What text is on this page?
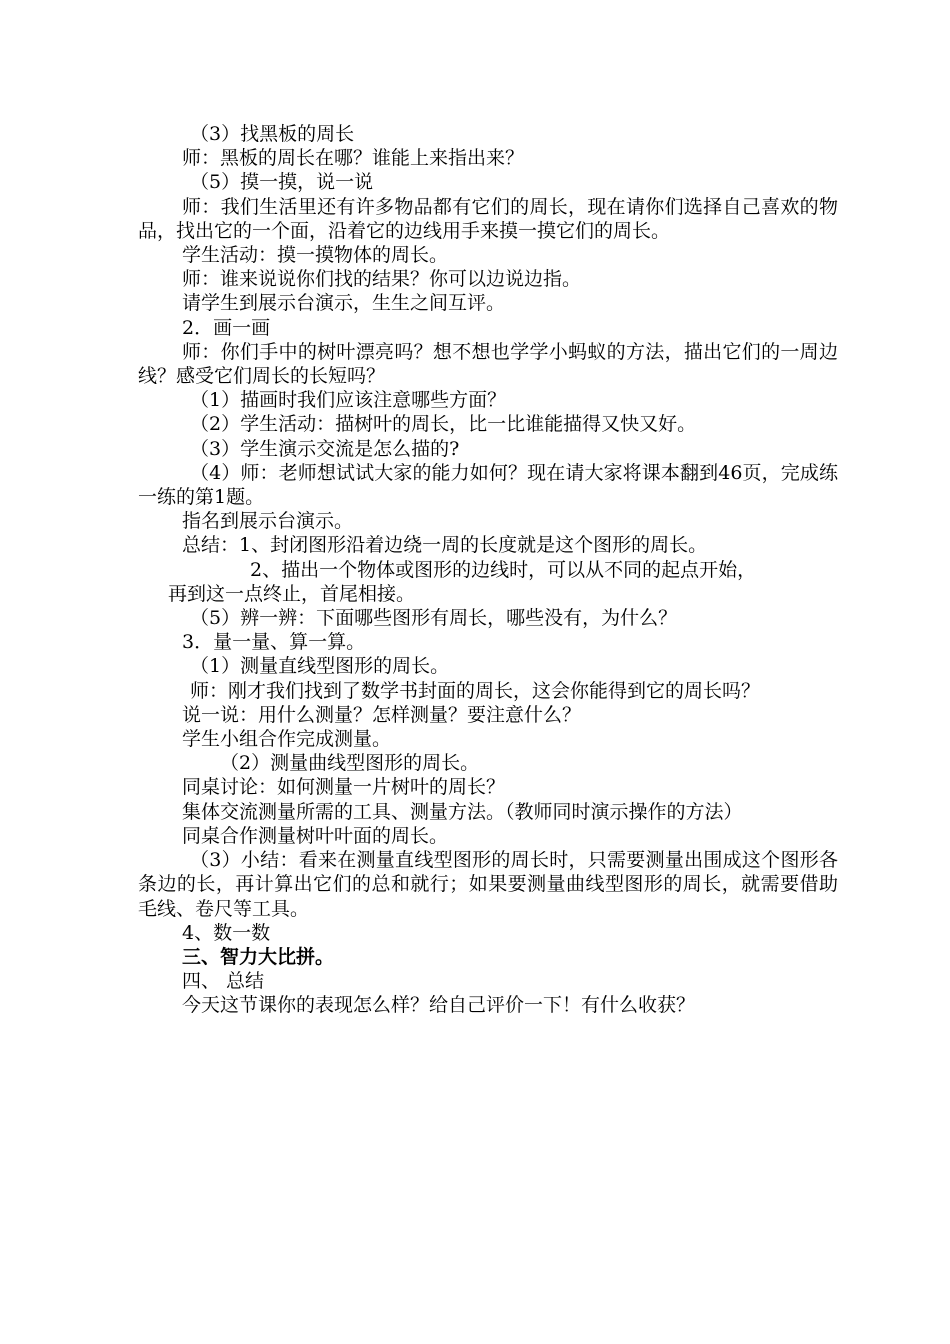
（3）找黑板的周长

师：黑板的周长在哪？谁能上来指出来？

（5）摸一摸，说一说

师：我们生活里还有许多物品都有它们的周长，现在请你们选择自己喜欢的物品，找出它的一个面，沿着它的边线用手来摸一摸它们的周长。

学生活动：摸一摸物体的周长。

师：谁来说说你们找的结果？你可以边说边指。

请学生到展示台演示，生生之间互评。

2．画一画

师：你们手中的树叶漂亮吗？想不想也学学小蚂蚁的方法，描出它们的一周边线？感受它们周长的长短吗？

（1）描画时我们应该注意哪些方面？

（2）学生活动：描树叶的周长，比一比谁能描得又快又好。

（3）学生演示交流是怎么描的?

（4）师：老师想试试大家的能力如何？现在请大家将课本翻到46页，完成练一练的第1题。

指名到展示台演示。

总结：1、封闭图形沿着边绕一周的长度就是这个图形的周长。

2、描出一个物体或图形的边线时，可以从不同的起点开始，

再到这一点终止，首尾相接。

（5）辨一辨：下面哪些图形有周长，哪些没有，为什么？

3．量一量、算一算。

（1）测量直线型图形的周长。

师：刚才我们找到了数学书封面的周长，这会你能得到它的周长吗？

说一说：用什么测量？怎样测量？要注意什么？

学生小组合作完成测量。

（2）测量曲线型图形的周长。

同桌讨论：如何测量一片树叶的周长？

集体交流测量所需的工具、测量方法。（教师同时演示操作的方法）

同桌合作测量树叶叶面的周长。

（3）小结：看来在测量直线型图形的周长时，只需要测量出围成这个图形各条边的长，再计算出它们的总和就行；如果要测量曲线型图形的周长，就需要借助毛线、卷尺等工具。

4、数一数

三、智力大比拼。

四、 总结

今天这节课你的表现怎么样？给自己评价一下！有什么收获？
